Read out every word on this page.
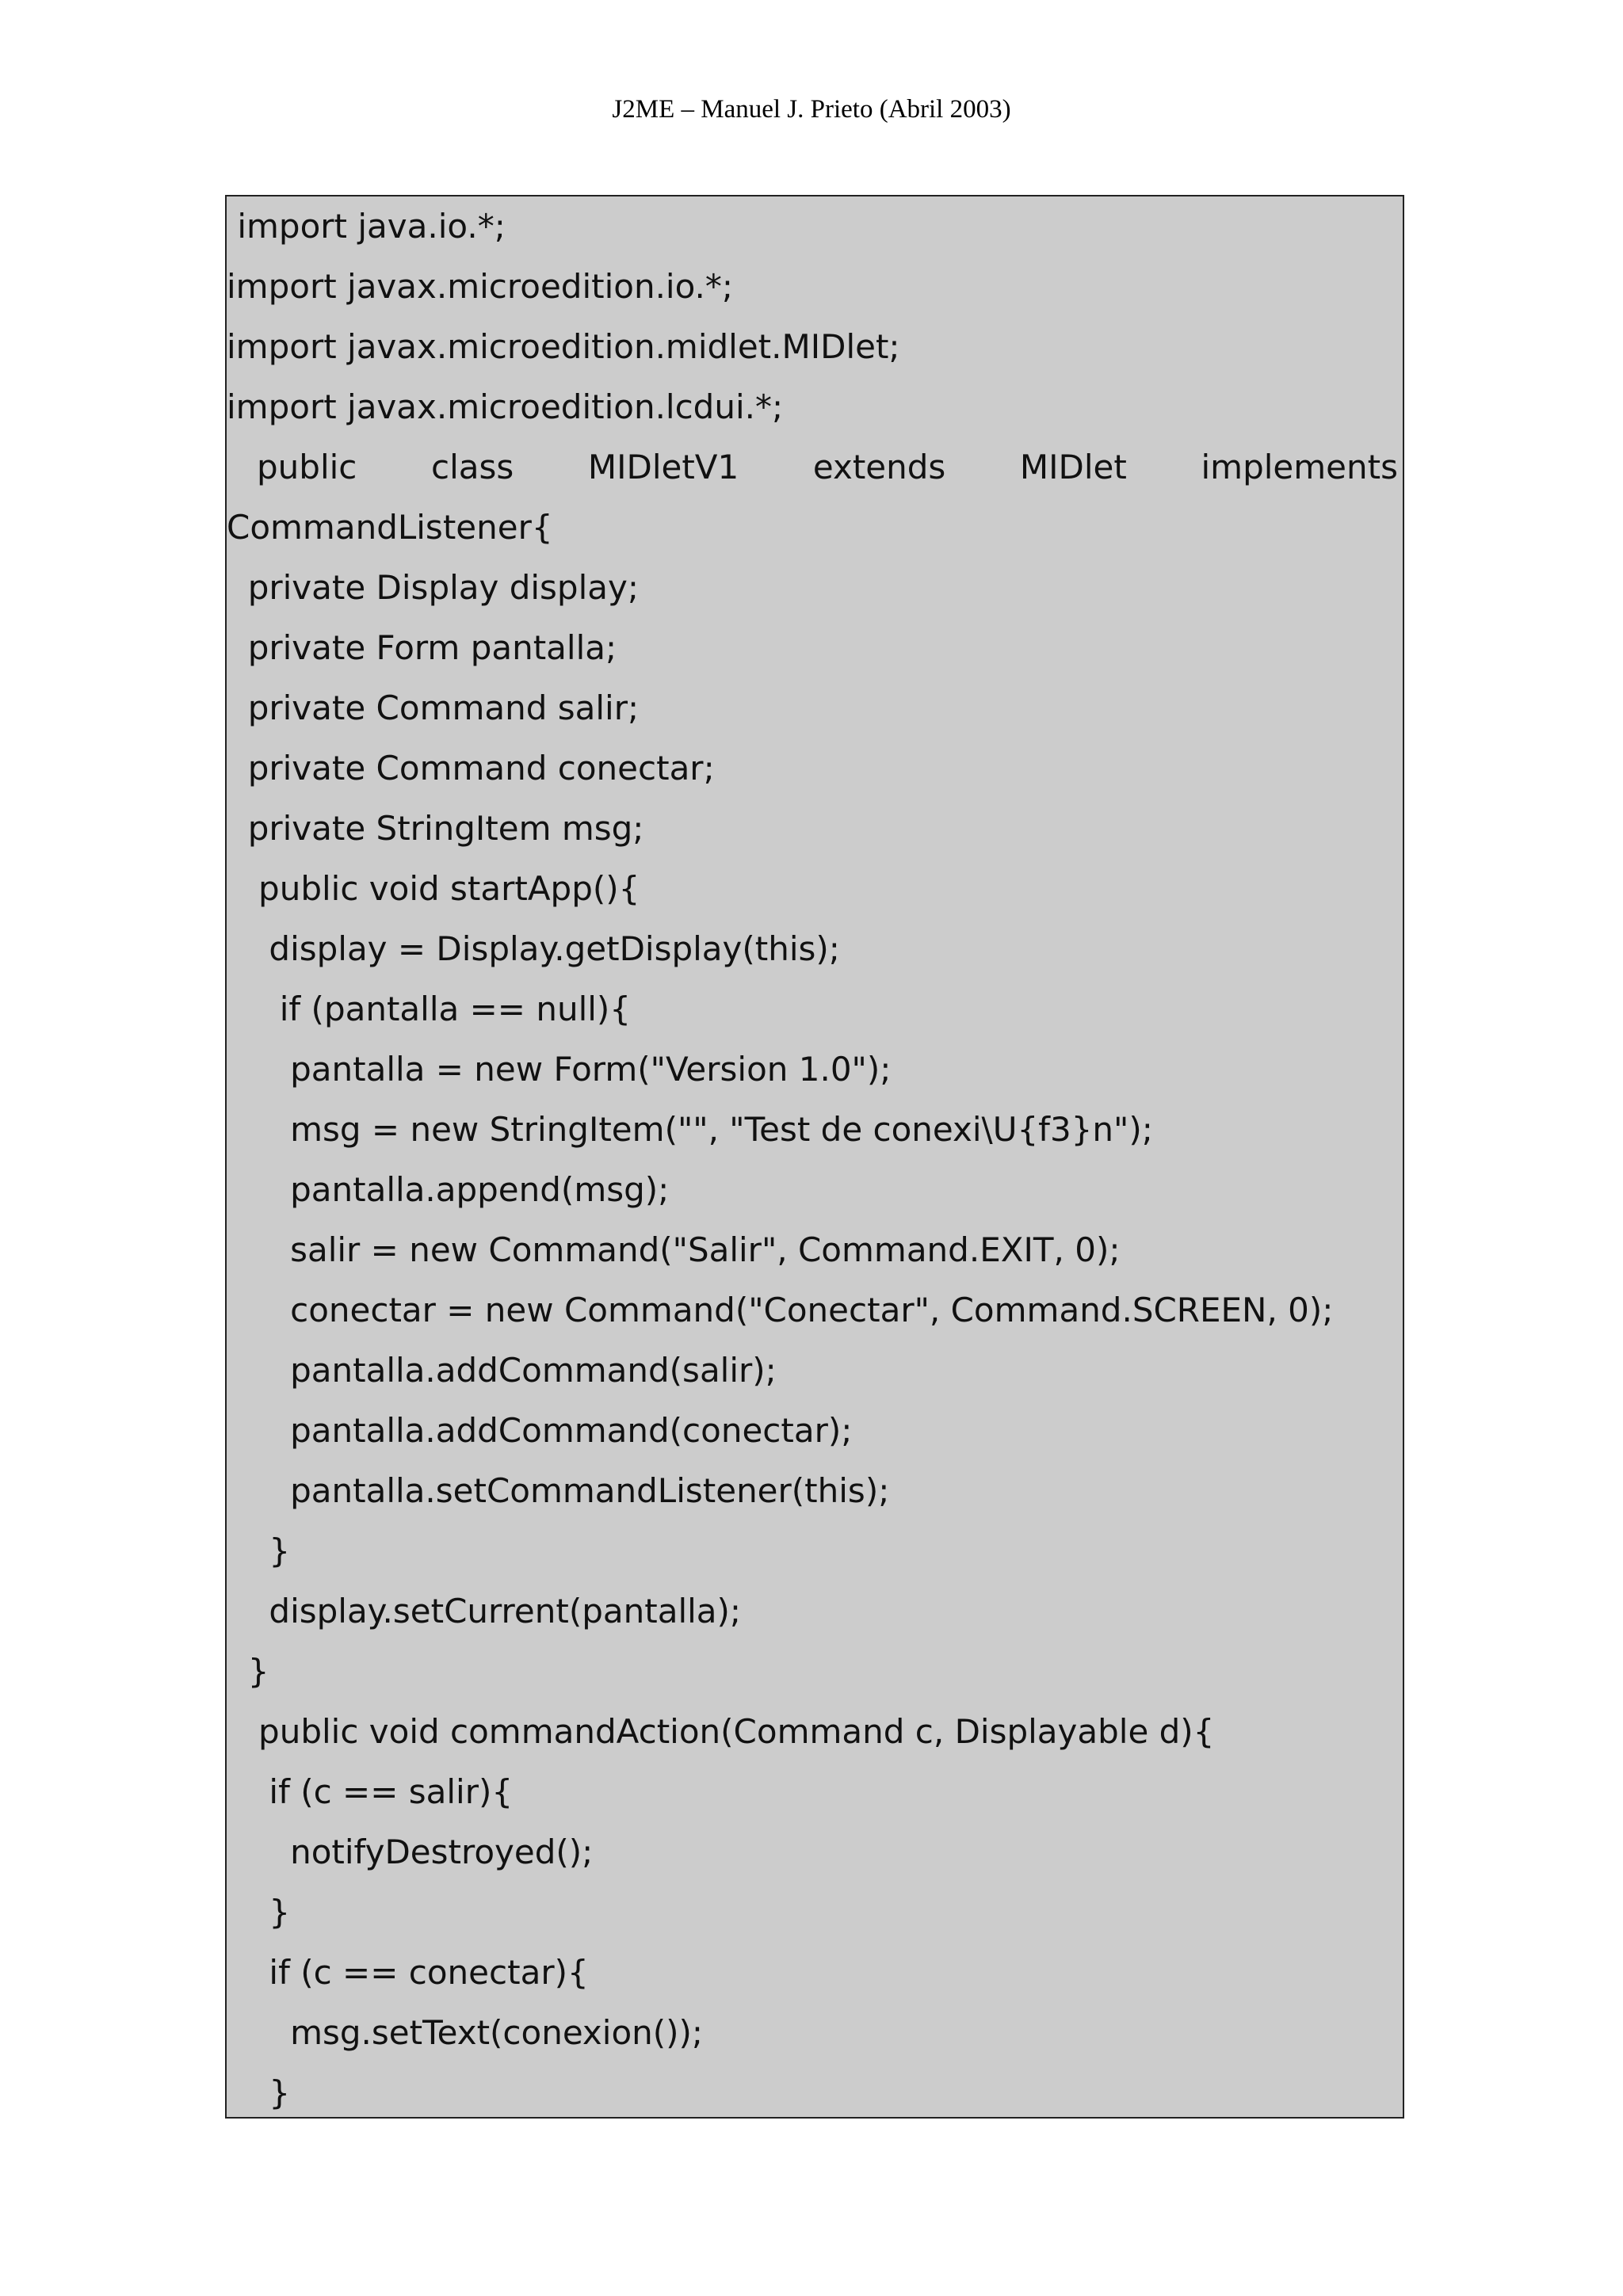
J2ME – Manuel J. Prieto (Abril 2003)
import java.io.*;
import javax.microedition.io.*;
import javax.microedition.midlet.MIDlet;
import javax.microedition.lcdui.*;
public class MIDletV1 extends MIDlet implements
CommandListener{
private Display display;
private Form pantalla;
private Command salir;
private Command conectar;
private StringItem msg;
public void startApp(){
display = Display.getDisplay(this);
if (pantalla == null){
pantalla = new Form("Version 1.0");
msg = new StringItem("", "Test de conexi\U{f3}n");
pantalla.append(msg);
salir = new Command("Salir", Command.EXIT, 0);
conectar = new Command("Conectar", Command.SCREEN, 0);
pantalla.addCommand(salir);
pantalla.addCommand(conectar);
pantalla.setCommandListener(this);
}
display.setCurrent(pantalla);
}
public void commandAction(Command c, Displayable d){
if (c == salir){
notifyDestroyed();
}
if (c == conectar){
msg.setText(conexion());
}
